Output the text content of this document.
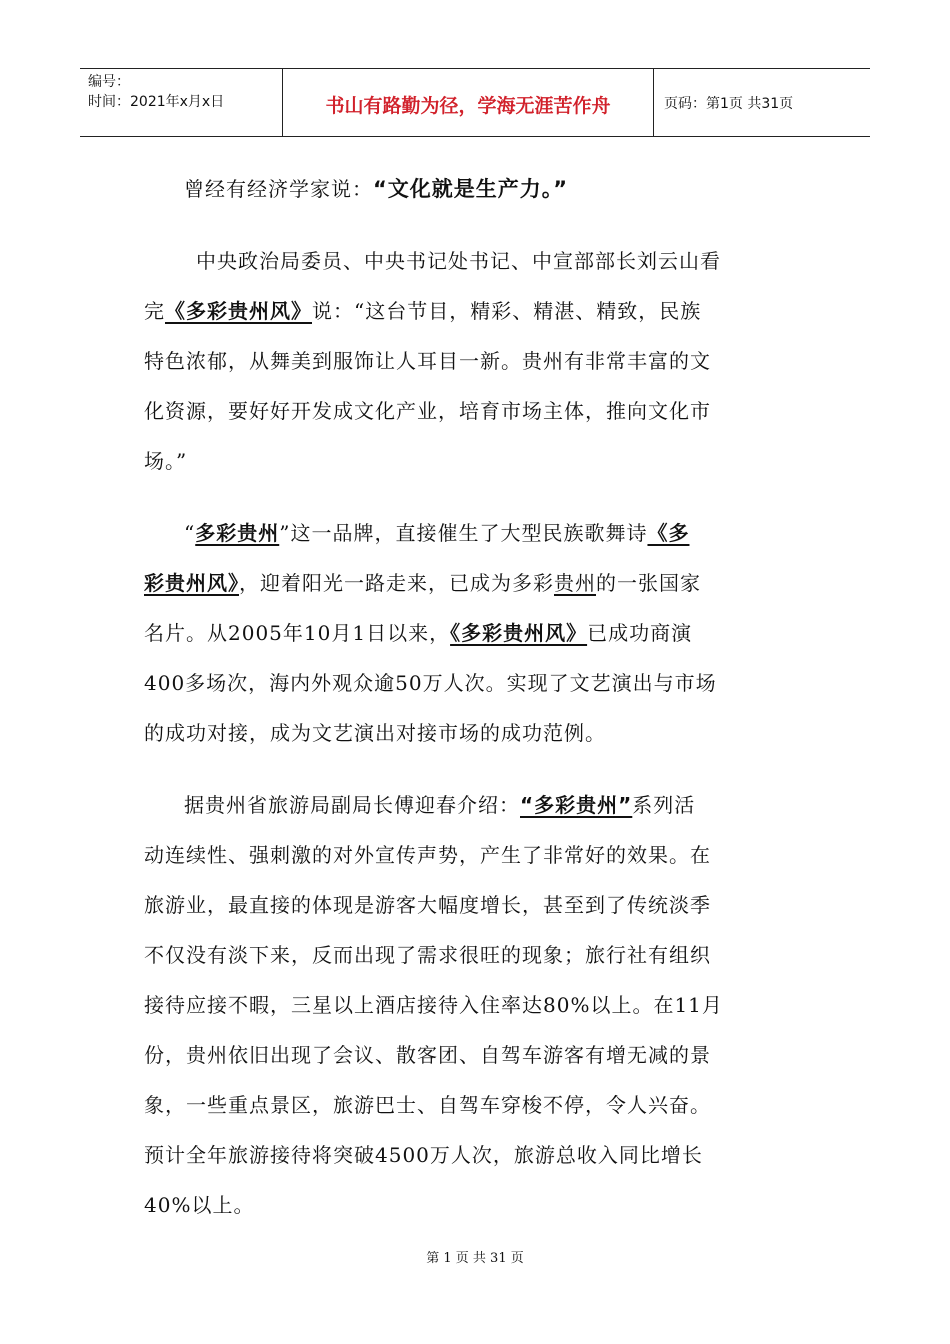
编号：
时间：2021年x月x日	书山有路勤为径，学海无涯苦作舟	页码：第1页 共31页
曾经有经济学家说：“文化就是生产力。”
中央政治局委员、中央书记处书记、中宣部部长刘云山看
完《多彩贵州风》说：“这台节目，精彩、精湛、精致，民族
特色浓郁，从舞美到服饰让人耳目一新。贵州有非常丰富的文
化资源，要好好开发成文化产业，培育市场主体，推向文化市
场。”
“多彩贵州”这一品牌，直接催生了大型民族歌舞诗《多
彩贵州风》，迎着阳光一路走来，已成为多彩贵州的一张国家
名片。从2005年10月1日以来，《多彩贵州风》已成功商演
400多场次，海内外观众逾50万人次。实现了文艺演出与市场
的成功对接，成为文艺演出对接市场的成功范例。
据贵州省旅游局副局长傅迎春介绍：“多彩贵州”系列活
动连续性、强刺激的对外宣传声势，产生了非常好的效果。在
旅游业，最直接的体现是游客大幅度增长，甚至到了传统淡季
不仅没有淡下来，反而出现了需求很旺的现象；旅行社有组织
接待应接不暇，三星以上酒店接待入住率达80%以上。在11月
份，贵州依旧出现了会议、散客团、自驾车游客有增无减的景
象，一些重点景区，旅游巴士、自驾车穿梭不停，令人兴奋。
预计全年旅游接待将突破4500万人次，旅游总收入同比增长
40%以上。
第 1 页 共 31 页
